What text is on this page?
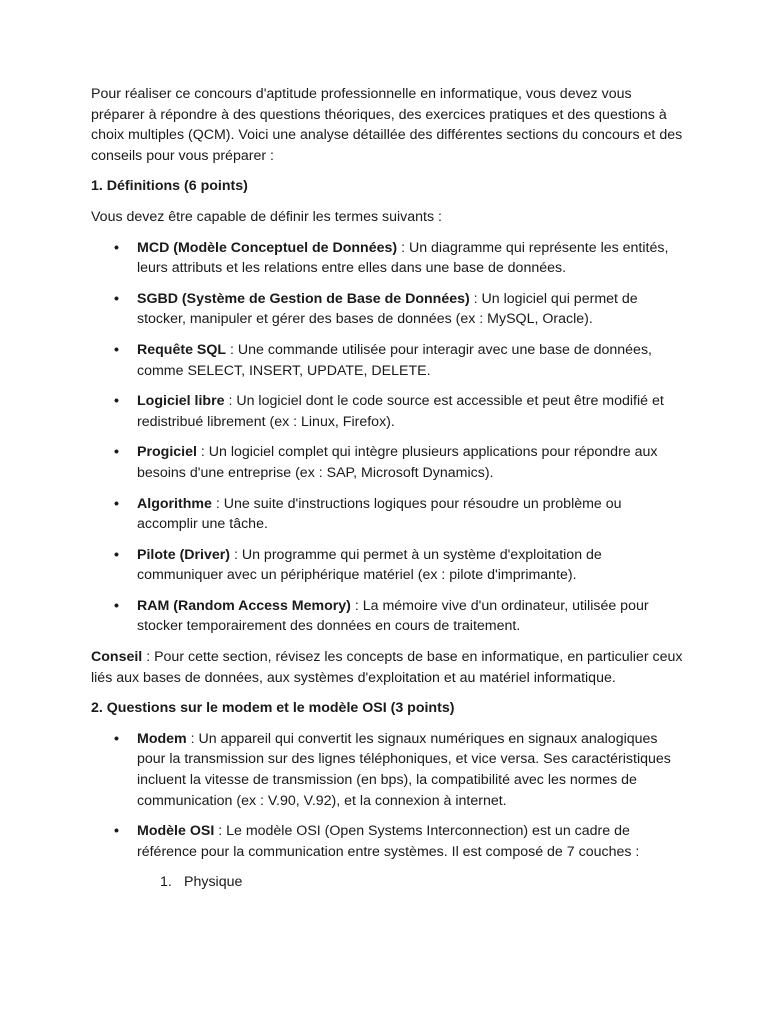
Pour réaliser ce concours d'aptitude professionnelle en informatique, vous devez vous préparer à répondre à des questions théoriques, des exercices pratiques et des questions à choix multiples (QCM). Voici une analyse détaillée des différentes sections du concours et des conseils pour vous préparer :

1. Définitions (6 points)

Vous devez être capable de définir les termes suivants :

• MCD (Modèle Conceptuel de Données) : Un diagramme qui représente les entités, leurs attributs et les relations entre elles dans une base de données.
• SGBD (Système de Gestion de Base de Données) : Un logiciel qui permet de stocker, manipuler et gérer des bases de données (ex : MySQL, Oracle).
• Requête SQL : Une commande utilisée pour interagir avec une base de données, comme SELECT, INSERT, UPDATE, DELETE.
• Logiciel libre : Un logiciel dont le code source est accessible et peut être modifié et redistribué librement (ex : Linux, Firefox).
• Progiciel : Un logiciel complet qui intègre plusieurs applications pour répondre aux besoins d'une entreprise (ex : SAP, Microsoft Dynamics).
• Algorithme : Une suite d'instructions logiques pour résoudre un problème ou accomplir une tâche.
• Pilote (Driver) : Un programme qui permet à un système d'exploitation de communiquer avec un périphérique matériel (ex : pilote d'imprimante).
• RAM (Random Access Memory) : La mémoire vive d'un ordinateur, utilisée pour stocker temporairement des données en cours de traitement.

Conseil : Pour cette section, révisez les concepts de base en informatique, en particulier ceux liés aux bases de données, aux systèmes d'exploitation et au matériel informatique.

2. Questions sur le modem et le modèle OSI (3 points)

• Modem : Un appareil qui convertit les signaux numériques en signaux analogiques pour la transmission sur des lignes téléphoniques, et vice versa. Ses caractéristiques incluent la vitesse de transmission (en bps), la compatibilité avec les normes de communication (ex : V.90, V.92), et la connexion à internet.
• Modèle OSI : Le modèle OSI (Open Systems Interconnection) est un cadre de référence pour la communication entre systèmes. Il est composé de 7 couches :
1. Physique
